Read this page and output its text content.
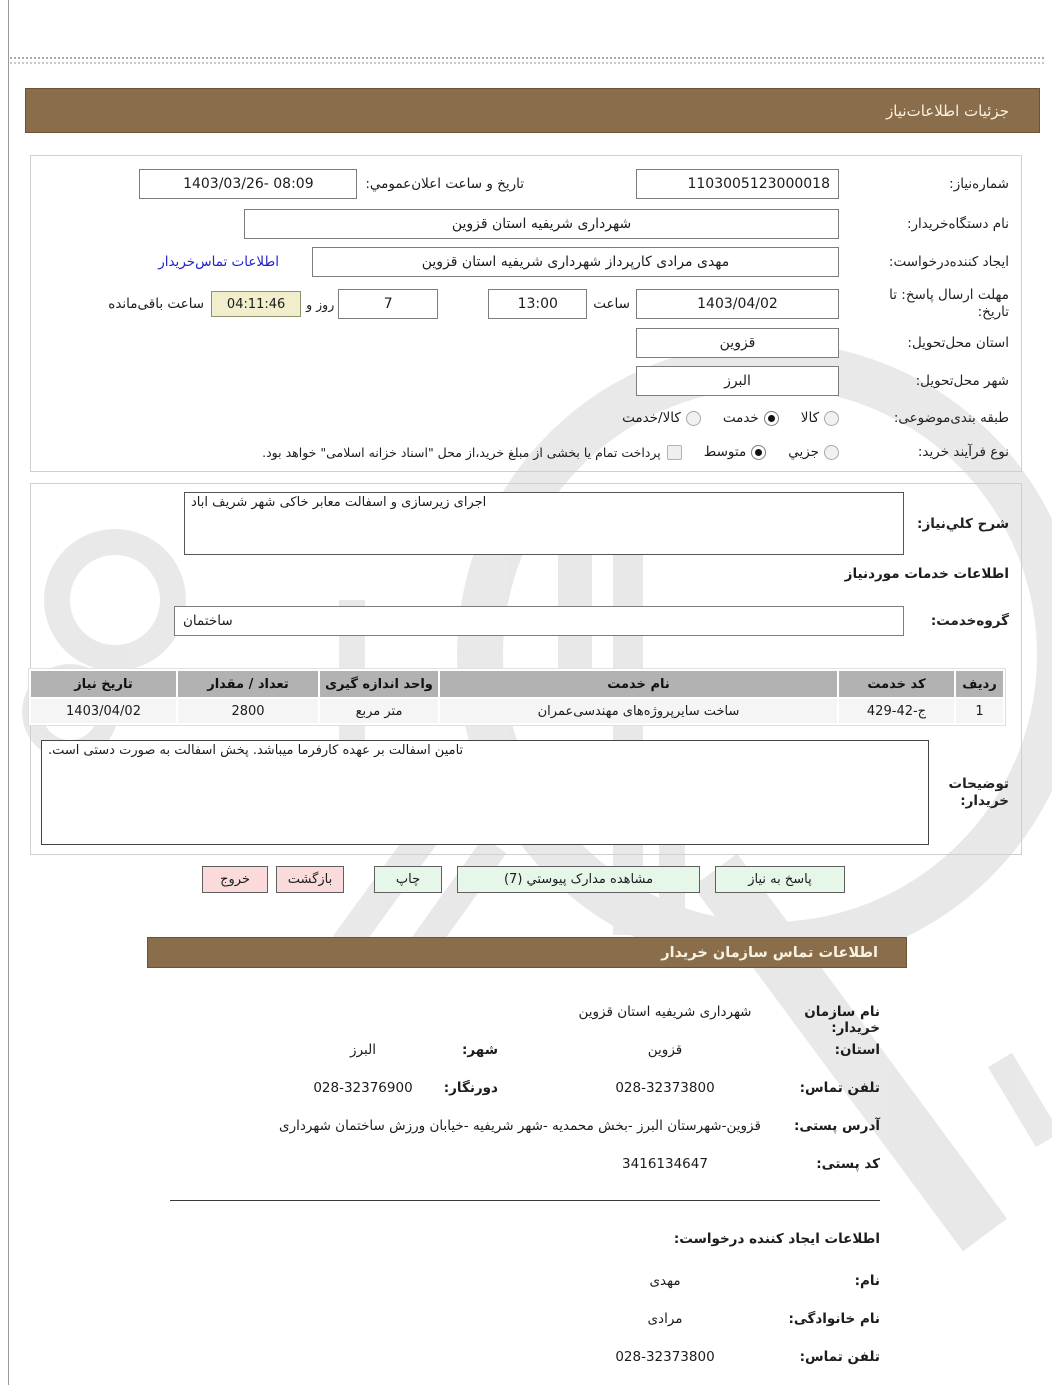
جزئیات اطلاعات‌نیاز
شماره‌نیاز:
1103005123000018
تاریخ و ساعت اعلان‌عمومي:
1403/03/26- 08:09
نام دستگاه‌خریدار:
شهرداری شریفیه استان قزوین
ایجاد کننده‌درخواست:
مهدی مرادی کارپرداز شهرداری شریفیه استان قزوین
اطلاعات تماس‌خریدار
مهلت ارسال پاسخ: تا
تاریخ:
1403/04/02
ساعت
13:00
7
روز و
04:11:46
ساعت باقی‌مانده
استان محل‌تحویل:
قزوین
شهر محل‌تحویل:
البرز
طبقه بندی‌موضوعی:
کالا
خدمت
کالا/خدمت
نوع فرآیند خرید:
جزیي
متوسط
پرداخت تمام یا بخشی از مبلغ خرید،از محل "اسناد خزانه اسلامی" خواهد بود.
شرح کلي‌نیاز:
اجرای زیرسازی و اسفالت معابر خاکی شهر شریف اباد
اطلاعات خدمات موردنیاز
گروه‌خدمت:
ساختمان
ردیف	کد خدمت	نام خدمت	واحد اندازه گیری	تعداد / مقدار	تاریخ نیاز
1	ج-42-429	ساخت سایرپروژه‌های مهندسی‌عمران	متر مربع	2800	1403/04/02
توضیحات
خریدار:
تامین اسفالت بر عهده کارفرما میباشد. پخش اسفالت به صورت دستی است.
پاسخ به نیاز
مشاهده مدارک پیوستي (7)
چاپ
بازگشت
خروج
اطلاعات تماس سازمان خریدار
نام سازمان خریدار:
شهرداری شریفیه استان قزوین
استان:
قزوین
شهر:
البرز
تلفن تماس:
028-32373800
دورنگار:
028-32376900
آدرس پستی:
قزوین-شهرستان البرز -بخش محمدیه -شهر شریفیه -خیابان ورزش ساختمان شهرداری
کد پستی:
3416134647
اطلاعات ایجاد کننده درخواست:
نام:
مهدی
نام خانوادگی:
مرادی
تلفن تماس:
028-32373800
